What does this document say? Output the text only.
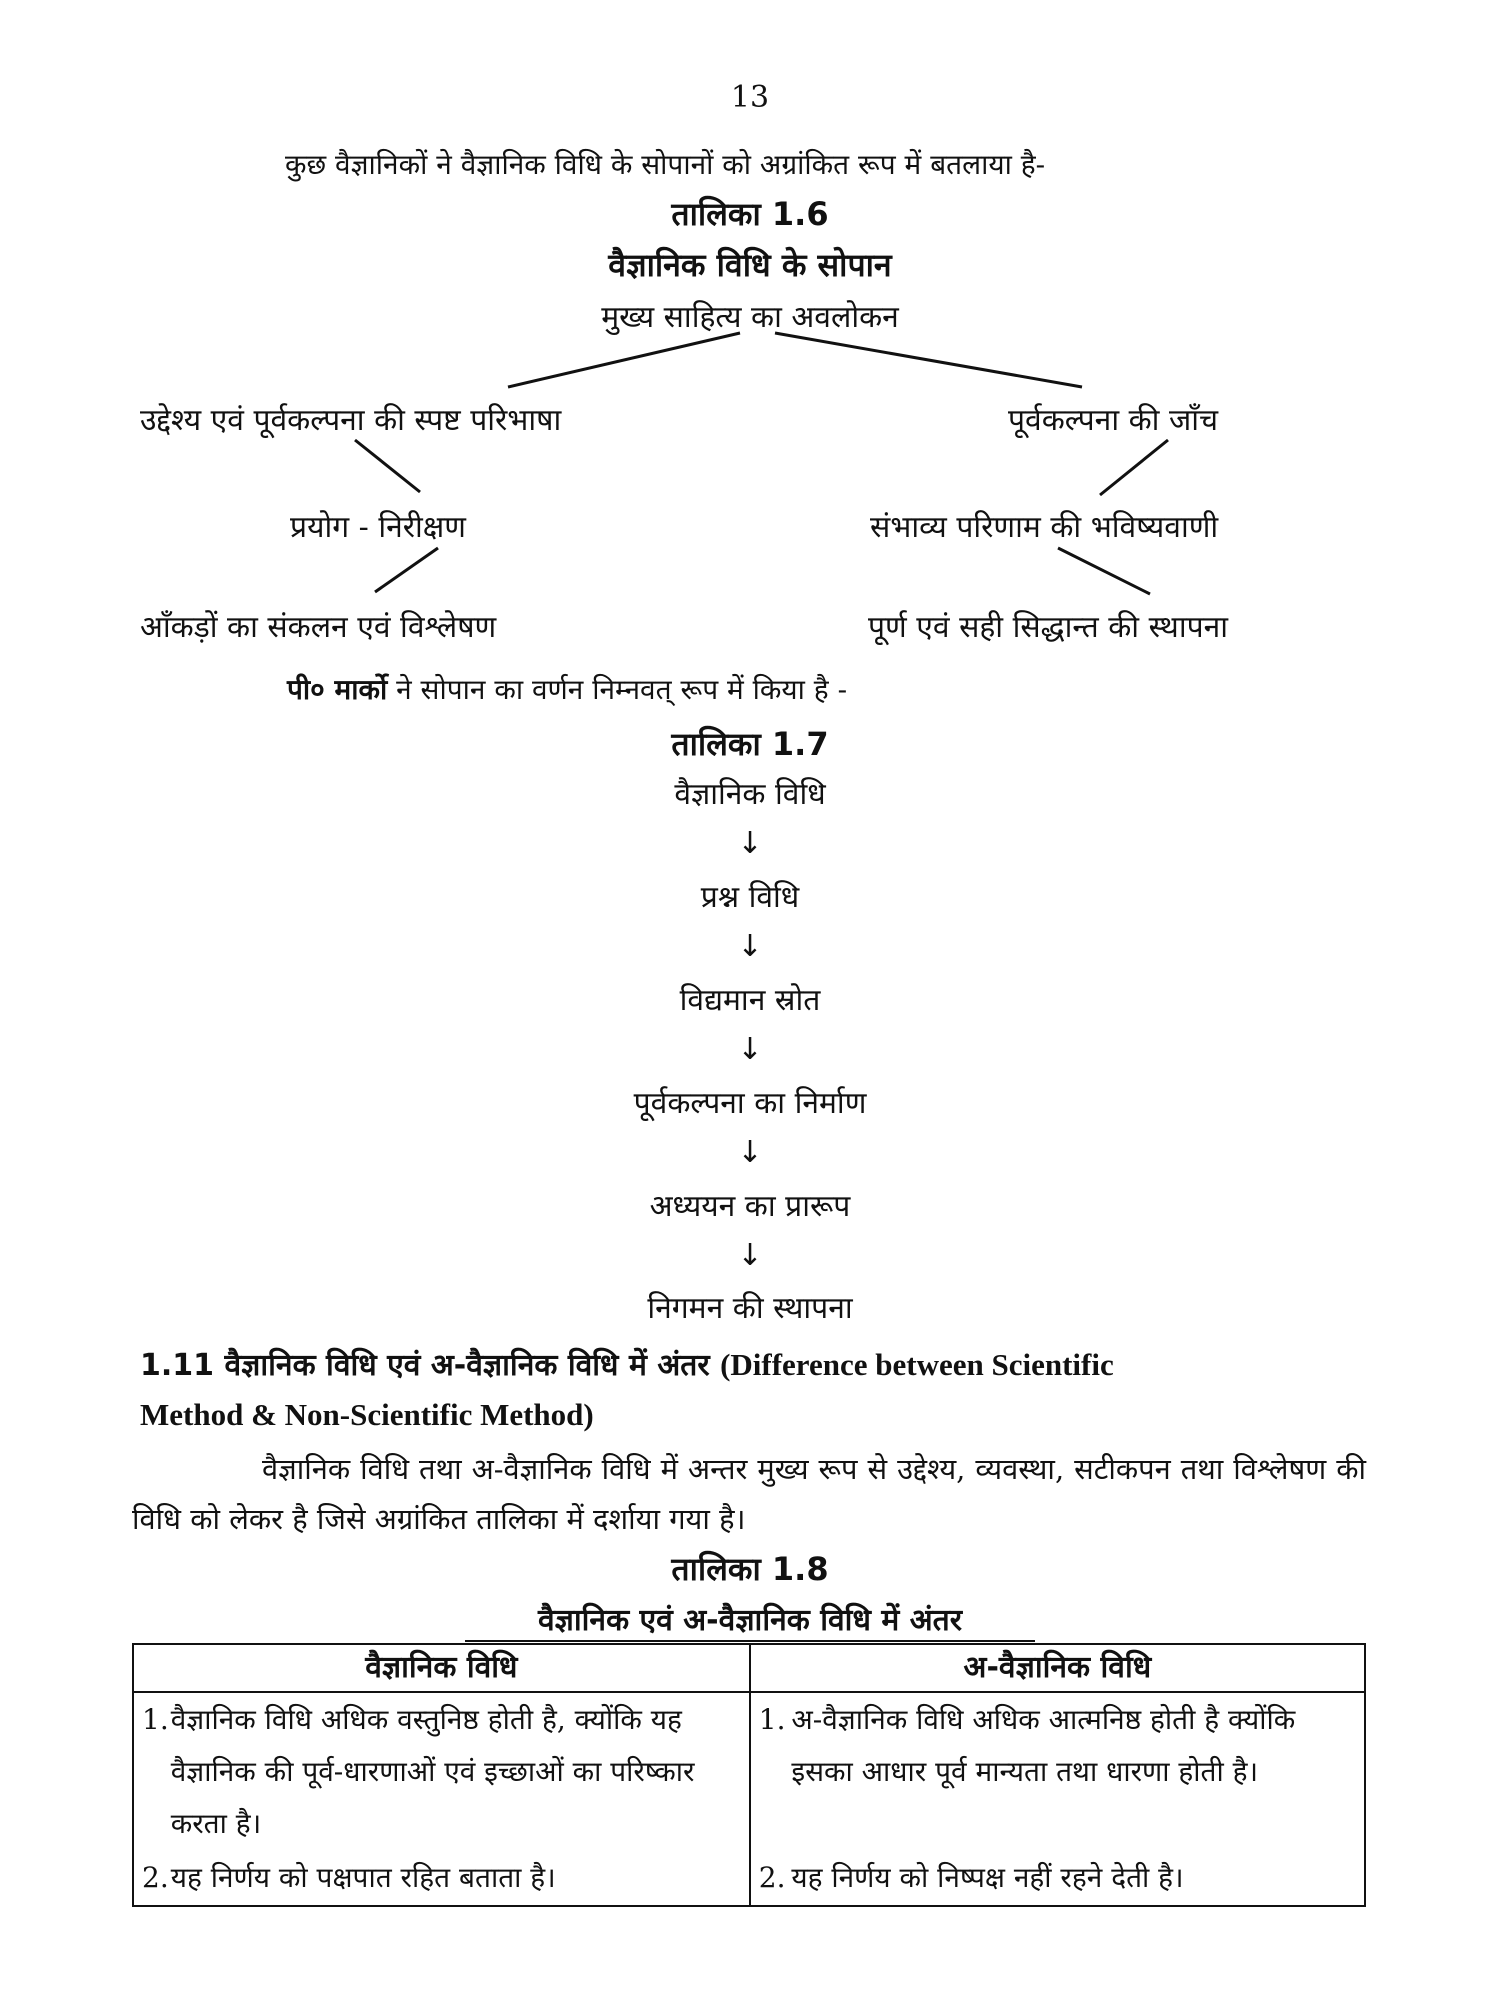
13
कुछ वैज्ञानिकों ने वैज्ञानिक विधि के सोपानों को अग्रांकित रूप में बतलाया है-
तालिका 1.6
वैज्ञानिक विधि के सोपान
मुख्य साहित्य का अवलोकन
उद्देश्य एवं पूर्वकल्पना की स्पष्ट परिभाषा	पूर्वकल्पना की जाँच
प्रयोग - निरीक्षण	संभाव्य परिणाम की भविष्यवाणी
आँकड़ों का संकलन एवं विश्लेषण	पूर्ण एवं सही सिद्धान्त की स्थापना
पी० मार्को ने सोपान का वर्णन निम्नवत् रूप में किया है -
तालिका 1.7
वैज्ञानिक विधि
↓
प्रश्न विधि
↓
विद्यमान स्रोत
↓
पूर्वकल्पना का निर्माण
↓
अध्ययन का प्रारूप
↓
निगमन की स्थापना
1.11 वैज्ञानिक विधि एवं अ-वैज्ञानिक विधि में अंतर (Difference between Scientific
Method & Non-Scientific Method)
वैज्ञानिक विधि तथा अ-वैज्ञानिक विधि में अन्तर मुख्य रूप से उद्देश्य, व्यवस्था, सटीकपन तथा विश्लेषण की विधि को लेकर है जिसे अग्रांकित तालिका में दर्शाया गया है।
तालिका 1.8
वैज्ञानिक एवं अ-वैज्ञानिक विधि में अंतर
वैज्ञानिक विधि		अ-वैज्ञानिक विधि	
1.	वैज्ञानिक विधि अधिक वस्तुनिष्ठ होती है, क्योंकि यह वैज्ञानिक की पूर्व-धारणाओं एवं इच्छाओं का परिष्कार करता है।	1.	अ-वैज्ञानिक विधि अधिक आत्मनिष्ठ होती है क्योंकि इसका आधार पूर्व मान्यता तथा धारणा होती है।
2.	यह निर्णय को पक्षपात रहित बताता है।	2.	यह निर्णय को निष्पक्ष नहीं रहने देती है।
